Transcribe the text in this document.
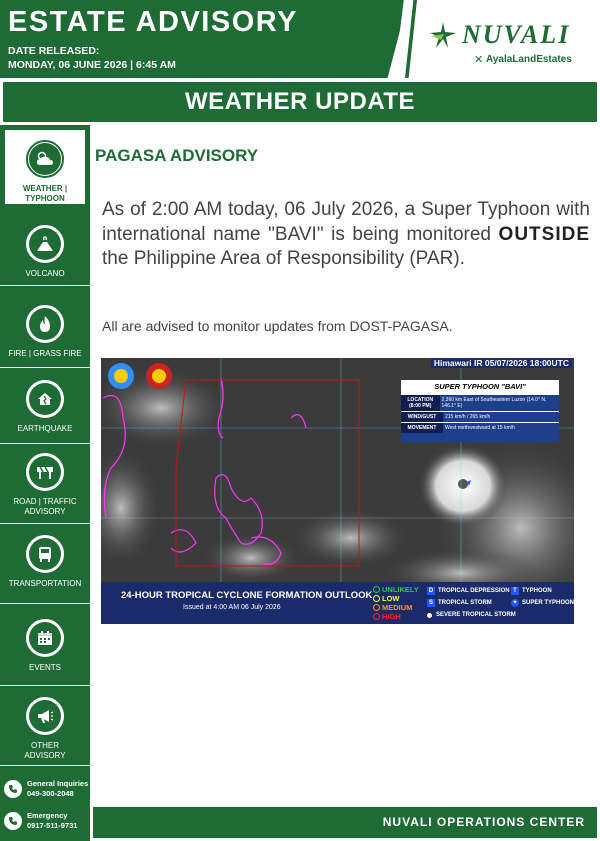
ESTATE ADVISORY
DATE RELEASED:
MONDAY, 06 JUNE 2026 | 6:45 AM
NUVALI
✕ AyalaLandEstates
WEATHER UPDATE
WEATHER | TYPHOON
VOLCANO
FIRE | GRASS FIRE
EARTHQUAKE
ROAD | TRAFFIC ADVISORY
TRANSPORTATION
EVENTS
OTHER ADVISORY
General Inquiries
049-300-2048
Emergency
0917-511-9731
PAGASA ADVISORY
As of 2:00 AM today, 06 July 2026, a Super Typhoon with international name "BAVI" is being monitored OUTSIDE the Philippine Area of Responsibility (PAR).
All are advised to monitor updates from DOST-PAGASA.
Himawari IR 05/07/2026 18:00UTC
SUPER TYPHOON "BAVI"
LOCATION (8:00 PM)
2,360 km East of Southeastern Luzon (14.0° N, 146.1° E)
WIND/GUST	215 km/h / 265 km/h
MOVEMENT	West northwestward at 15 km/h
24-HOUR TROPICAL CYCLONE FORMATION OUTLOOK
Issued at 4:00 AM 06 July 2026
UNLIKELY
LOW
MEDIUM
HIGH
D TROPICAL DEPRESSION
S TROPICAL STORM
SEVERE TROPICAL STORM
T TYPHOON
✦ SUPER TYPHOON
NUVALI OPERATIONS CENTER
